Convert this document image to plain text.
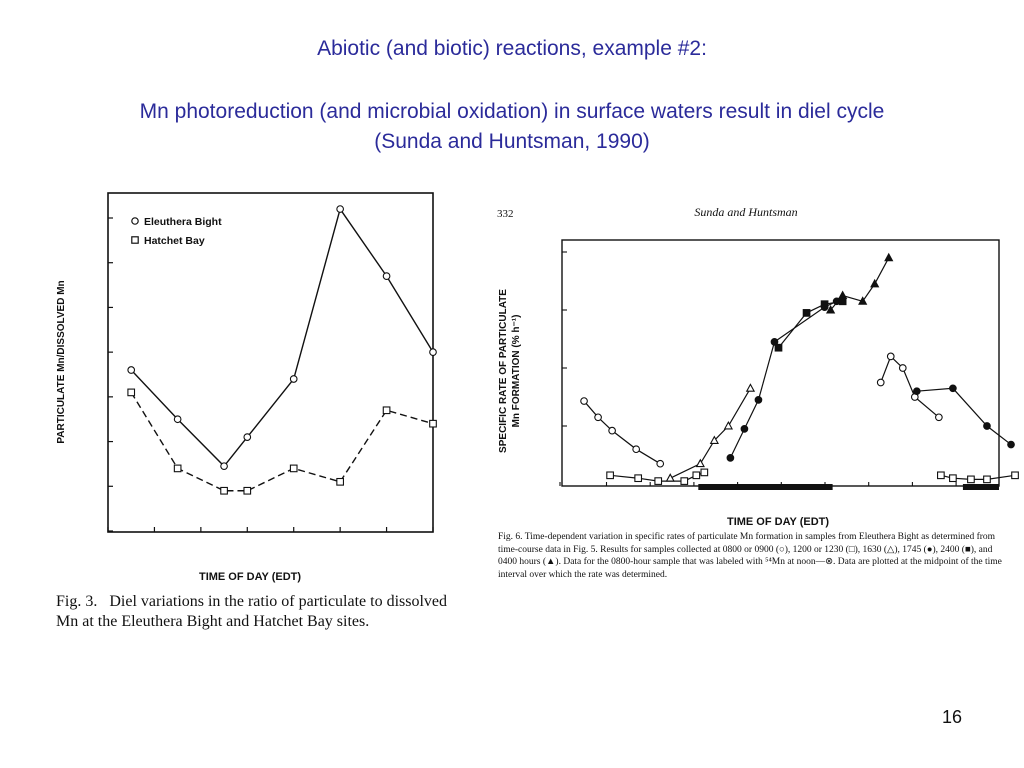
Abiotic (and biotic) reactions, example #2:
Mn photoreduction (and microbial oxidation) in surface waters result in diel cycle
(Sunda and Huntsman, 1990)
Eleuthera Bight
Hatchet Bay
TIME OF DAY (EDT)
PARTICULATE Mn/DISSOLVED Mn
332	Sunda and Huntsman
TIME OF DAY (EDT)
SPECIFIC RATE OF PARTICULATE Mn FORMATION (% h⁻¹)
Fig. 3. Diel variations in the ratio of particulate to dissolved Mn at the Eleuthera Bight and Hatchet Bay sites.
Fig. 6. Time-dependent variation in specific rates of particulate Mn formation in samples from Eleuthera Bight as determined from time-course data in Fig. 5. Results for samples collected at 0800 or 0900 (○), 1200 or 1230 (□), 1630 (△), 1745 (●), 2400 (■), and 0400 hours (▲). Data for the 0800-hour sample that was labeled with ⁵⁴Mn at noon—⊗. Data are plotted at the midpoint of the time interval over which the rate was determined.
16
